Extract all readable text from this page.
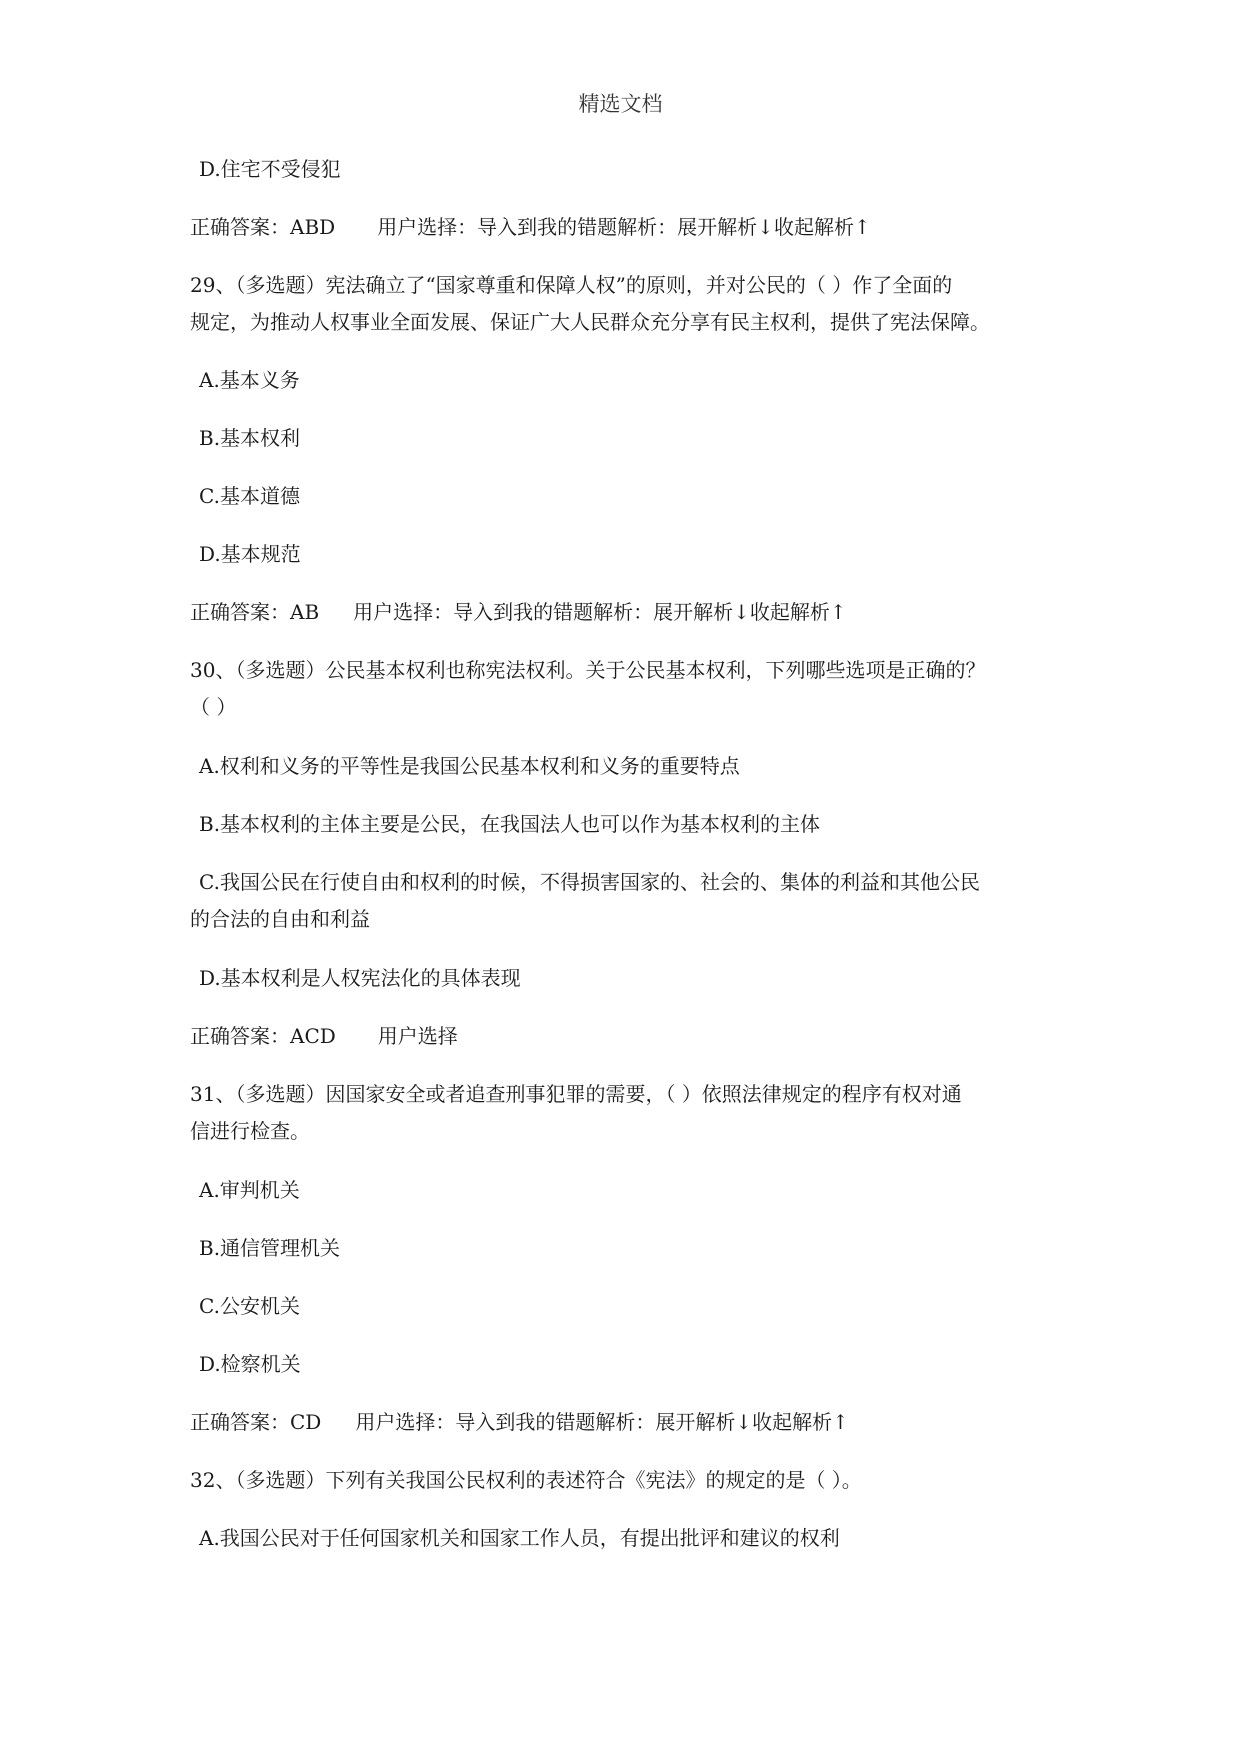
精选文档
D.住宅不受侵犯
正确答案：ABD 用户选择：导入到我的错题解析：展开解析↓收起解析↑
29、（多选题）宪法确立了“国家尊重和保障人权”的原则，并对公民的（ ）作了全面的
规定，为推动人权事业全面发展、保证广大人民群众充分享有民主权利，提供了宪法保障。
A.基本义务
B.基本权利
C.基本道德
D.基本规范
正确答案：AB 用户选择：导入到我的错题解析：展开解析↓收起解析↑
30、（多选题）公民基本权利也称宪法权利。关于公民基本权利，下列哪些选项是正确的？
（ ）
A.权利和义务的平等性是我国公民基本权利和义务的重要特点
B.基本权利的主体主要是公民，在我国法人也可以作为基本权利的主体
C.我国公民在行使自由和权利的时候，不得损害国家的、社会的、集体的利益和其他公民
的合法的自由和利益
D.基本权利是人权宪法化的具体表现
正确答案：ACD 用户选择
31、（多选题）因国家安全或者追查刑事犯罪的需要，（ ）依照法律规定的程序有权对通
信进行检查。
A.审判机关
B.通信管理机关
C.公安机关
D.检察机关
正确答案：CD 用户选择：导入到我的错题解析：展开解析↓收起解析↑
32、（多选题）下列有关我国公民权利的表述符合《宪法》的规定的是（ ）。
A.我国公民对于任何国家机关和国家工作人员，有提出批评和建议的权利
